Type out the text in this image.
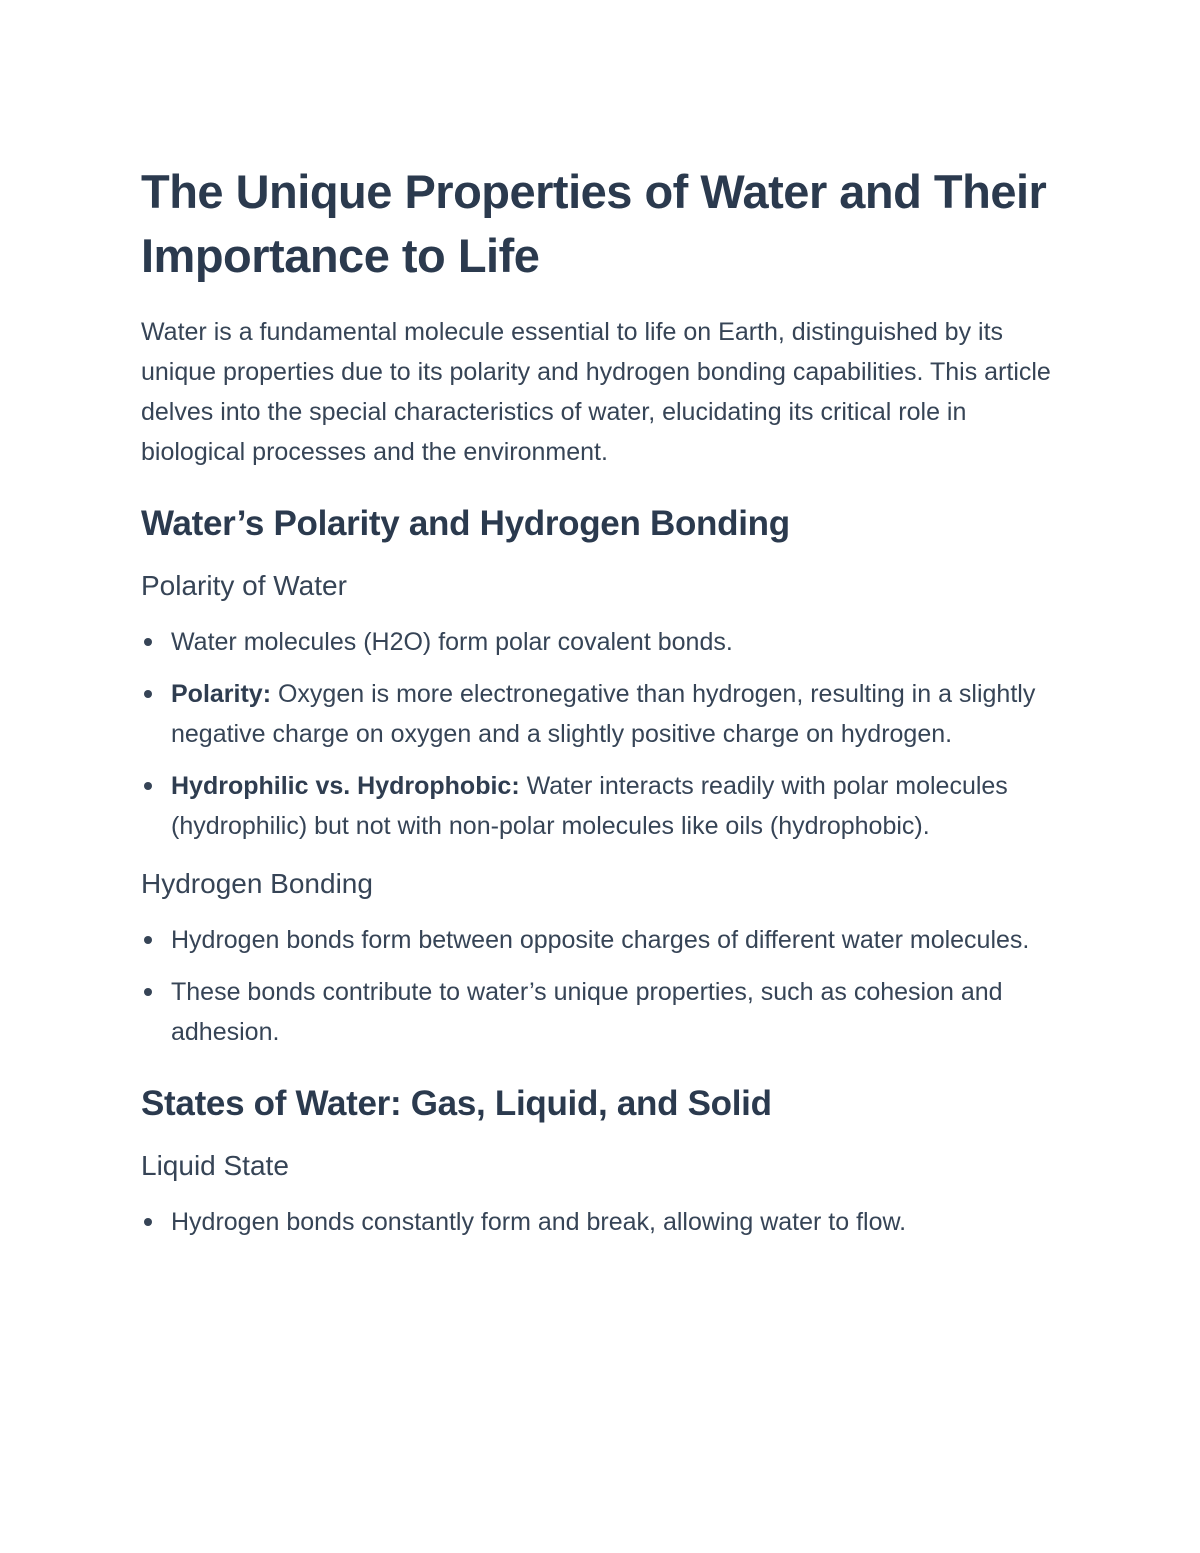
The Unique Properties of Water and Their Importance to Life

Water is a fundamental molecule essential to life on Earth, distinguished by its unique properties due to its polarity and hydrogen bonding capabilities. This article delves into the special characteristics of water, elucidating its critical role in biological processes and the environment.

Water’s Polarity and Hydrogen Bonding
Polarity of Water
Water molecules (H2O) form polar covalent bonds.
Polarity: Oxygen is more electronegative than hydrogen, resulting in a slightly negative charge on oxygen and a slightly positive charge on hydrogen.
Hydrophilic vs. Hydrophobic: Water interacts readily with polar molecules (hydrophilic) but not with non-polar molecules like oils (hydrophobic).
Hydrogen Bonding
Hydrogen bonds form between opposite charges of different water molecules.
These bonds contribute to water’s unique properties, such as cohesion and adhesion.
States of Water: Gas, Liquid, and Solid
Liquid State
Hydrogen bonds constantly form and break, allowing water to flow.
